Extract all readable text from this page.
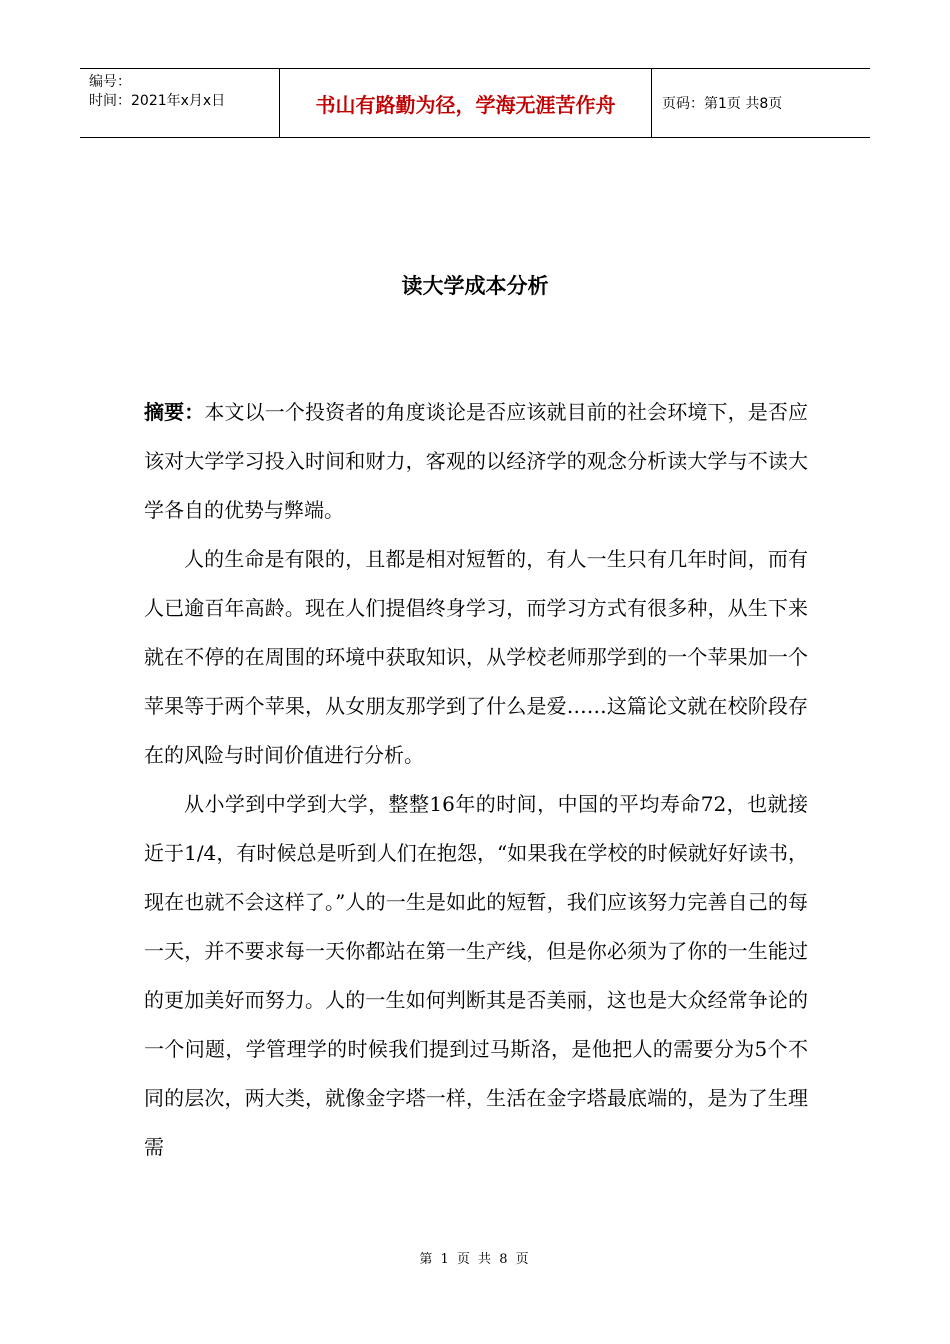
编号：
时间：2021年x月x日	书山有路勤为径，学海无涯苦作舟	页码：第1页 共8页
读大学成本分析

摘要：本文以一个投资者的角度谈论是否应该就目前的社会环境下，是否应该对大学学习投入时间和财力，客观的以经济学的观念分析读大学与不读大学各自的优势与弊端。

人的生命是有限的，且都是相对短暂的，有人一生只有几年时间，而有人已逾百年高龄。现在人们提倡终身学习，而学习方式有很多种，从生下来就在不停的在周围的环境中获取知识，从学校老师那学到的一个苹果加一个苹果等于两个苹果，从女朋友那学到了什么是爱……这篇论文就在校阶段存在的风险与时间价值进行分析。

从小学到中学到大学，整整16年的时间，中国的平均寿命72，也就接近于1/4，有时候总是听到人们在抱怨，“如果我在学校的时候就好好读书，现在也就不会这样了。”人的一生是如此的短暂，我们应该努力完善自己的每一天，并不要求每一天你都站在第一生产线，但是你必须为了你的一生能过的更加美好而努力。人的一生如何判断其是否美丽，这也是大众经常争论的一个问题，学管理学的时候我们提到过马斯洛，是他把人的需要分为5个不同的层次，两大类，就像金字塔一样，生活在金字塔最底端的，是为了生理需

第 1 页 共 8 页
